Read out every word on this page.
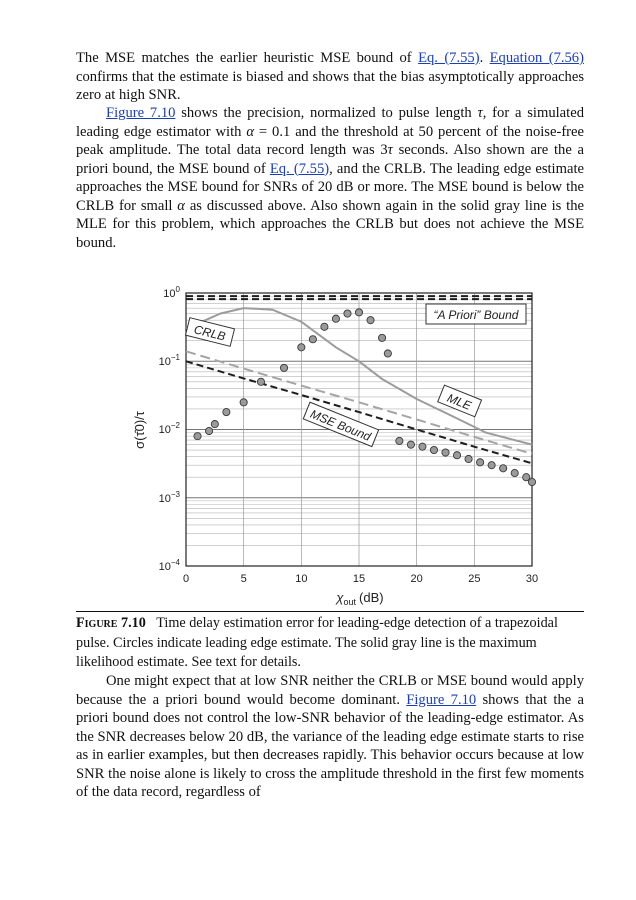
The MSE matches the earlier heuristic MSE bound of Eq. (7.55). Equation (7.56) confirms that the estimate is biased and shows that the bias asymptotically approaches zero at high SNR.

Figure 7.10 shows the precision, normalized to pulse length τ, for a simulated leading edge estimator with α = 0.1 and the threshold at 50 percent of the noise-free peak amplitude. The total data record length was 3τ seconds. Also shown are the a priori bound, the MSE bound of Eq. (7.55), and the CRLB. The leading edge estimate approaches the MSE bound for SNRs of 20 dB or more. The MSE bound is below the CRLB for small α as discussed above. Also shown again in the solid gray line is the MLE for this problem, which approaches the CRLB but does not achieve the MSE bound.

“A Priori” Bound
CRLB
MLE
MSE Bound
$10^0$
$10^{-1}$
$10^{-2}$
$10^{-3}$
$10^{-4}$
0	5	10	15	20	25	30
σ(τ̂0)/τ
$\chi_{out}$ (dB)

Figure 7.10 Time delay estimation error for leading-edge detection of a trapezoidal pulse. Circles indicate leading edge estimate. The solid gray line is the maximum likelihood estimate. See text for details.

One might expect that at low SNR neither the CRLB or MSE bound would apply because the a priori bound would become dominant. Figure 7.10 shows that the a priori bound does not control the low-SNR behavior of the leading-edge estimator. As the SNR decreases below 20 dB, the variance of the leading edge estimate starts to rise as in earlier examples, but then decreases rapidly. This behavior occurs because at low SNR the noise alone is likely to cross the amplitude threshold in the first few moments of the data record, regardless of
